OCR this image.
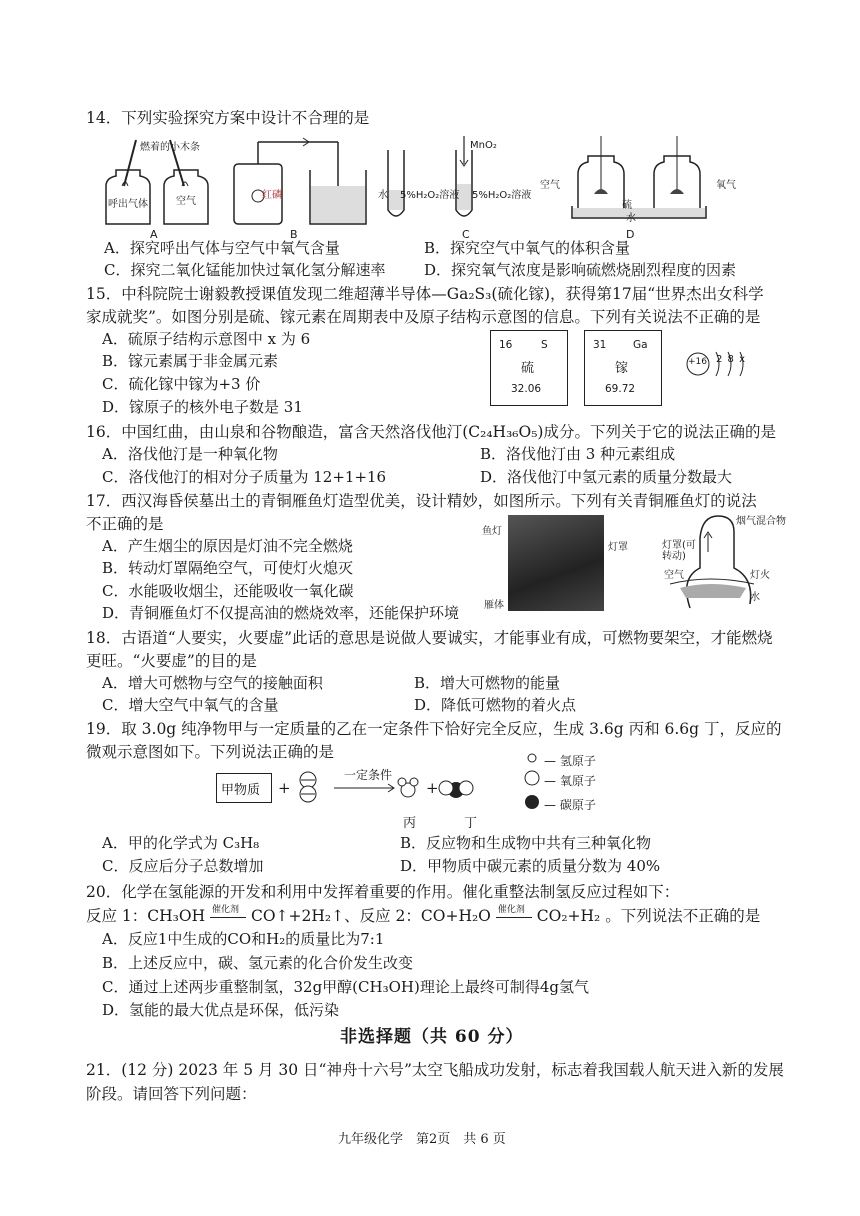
14．下列实验探究方案中设计不合理的是
燃着的小木条
呼出气体	空气
A
水
红磷
B
5%H₂O₂溶液 5%H₂O₂溶液
MnO₂
C
空气
硫
水
氧气
D
A．探究呼出气体与空气中氧气含量	B．探究空气中氧气的体积含量
C．探究二氧化锰能加快过氧化氢分解速率	D．探究氧气浓度是影响硫燃烧剧烈程度的因素
15．中科院院士谢毅教授课值发现二维超薄半导体—Ga₂S₃(硫化镓)，获得第17届“世界杰出女科学
家成就奖”。如图分别是硫、镓元素在周期表中及原子结构示意图的信息。下列有关说法不正确的是
A．硫原子结构示意图中 x 为 6
B．镓元素属于非金属元素
C．硫化镓中镓为+3 价
D．镓原子的核外电子数是 31
16	S
硫
32.06
31	Ga
镓
69.72
+16 2 8 x
16．中国红曲，由山泉和谷物酿造，富含天然洛伐他汀(C₂₄H₃₆O₅)成分。下列关于它的说法正确的是
A．洛伐他汀是一种氧化物	B．洛伐他汀由 3 种元素组成
C．洛伐他汀的相对分子质量为 12+1+16	D．洛伐他汀中氢元素的质量分数最大
17．西汉海昏侯墓出土的青铜雁鱼灯造型优美，设计精妙，如图所示。下列有关青铜雁鱼灯的说法
不正确的是
A．产生烟尘的原因是灯油不完全燃烧
B．转动灯罩隔绝空气，可使灯火熄灭
C．水能吸收烟尘，还能吸收一氧化碳
D．青铜雁鱼灯不仅提高油的燃烧效率，还能保护环境
鱼灯
灯罩
雁体
烟气混合物
灯罩(可转动)
空气	灯火
水
18．古语道“人要实，火要虚”此话的意思是说做人要诚实，才能事业有成，可燃物要架空，才能燃烧
更旺。“火要虚”的目的是
A．增大可燃物与空气的接触面积	B．增大可燃物的能量
C．增大空气中氧气的含量	D．降低可燃物的着火点
19．取 3.0g 纯净物甲与一定质量的乙在一定条件下恰好完全反应，生成 3.6g 丙和 6.6g 丁，反应的
微观示意图如下。下列说法正确的是
甲物质 +
一定条件
+
丙	丁
— 氢原子
— 氧原子
— 碳原子
A．甲的化学式为 C₃H₈	B．反应物和生成物中共有三种氧化物
C．反应后分子总数增加	D．甲物质中碳元素的质量分数为 40%
20．化学在氢能源的开发和利用中发挥着重要的作用。催化重整法制氢反应过程如下：
反应 1：CH₃OH 催化剂 CO↑+2H₂↑、反应 2：CO+H₂O 催化剂 CO₂+H₂ 。下列说法不正确的是
A．反应1中生成的CO和H₂的质量比为7:1
B．上述反应中，碳、氢元素的化合价发生改变
C．通过上述两步重整制氢，32g甲醇(CH₃OH)理论上最终可制得4g氢气
D．氢能的最大优点是环保，低污染
非选择题（共 60 分）
21．(12 分) 2023 年 5 月 30 日“神舟十六号”太空飞船成功发射，标志着我国载人航天进入新的发展
阶段。请回答下列问题：
九年级化学　第2页　共 6 页
